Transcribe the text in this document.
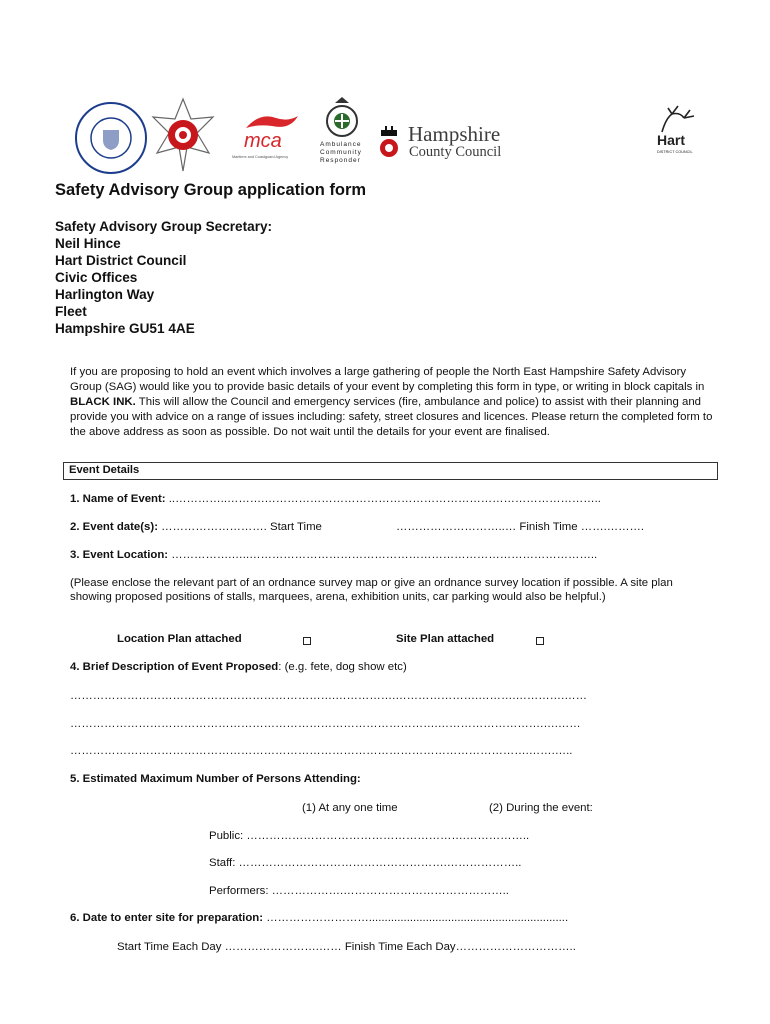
mca
Maritime and Coastguard Agency
Ambulance
Community
Responder
Hampshire
County Council
Hart
DISTRICT COUNCIL
Safety Advisory Group application form
Safety Advisory Group Secretary:
Neil Hince
Hart District Council
Civic Offices
Harlington Way
Fleet
Hampshire GU51 4AE
If you are proposing to hold an event which involves a large gathering of people the North East Hampshire Safety Advisory Group (SAG) would like you to provide basic details of your event by completing this form in type, or writing in block capitals in BLACK INK. This will allow the Council and emergency services (fire, ambulance and police) to assist with their planning and provide you with advice on a range of issues including: safety, street closures and licences. Please return the completed form to the above address as soon as possible. Do not wait until the details for your event are finalised.
Event Details
1. Name of Event: ..…………..……….……………………………………………………………………………..
2. Event date(s): ………………………. Start Time	………………………..… Finish Time …….……….
3. Event Location: …………….…..………………………………………………………………………………..
(Please enclose the relevant part of an ordnance survey map or give an ordnance survey location if possible. A site plan showing proposed positions of stalls, marquees, arena, exhibition units, car parking would also be helpful.)
Location Plan attached	Site Plan attached
4. Brief Description of Event Proposed: (e.g. fete, dog show etc)
…………………………………………………………….…………….………………….……….………….……
…………………………………………………………………………………….……………………….….……
………………………………………………………………………………………………………….…….…..
5. Estimated Maximum Number of Persons Attending:
(1) At any one time	(2) During the event:
Public: ………………………………………………….……………..
Staff: ……………………………………………….………………..
Performers: ……………….……………………………………..
6. Date to enter site for preparation: ………………………...............................................................
Start Time Each Day …………………….…… Finish Time Each Day…………………………..
